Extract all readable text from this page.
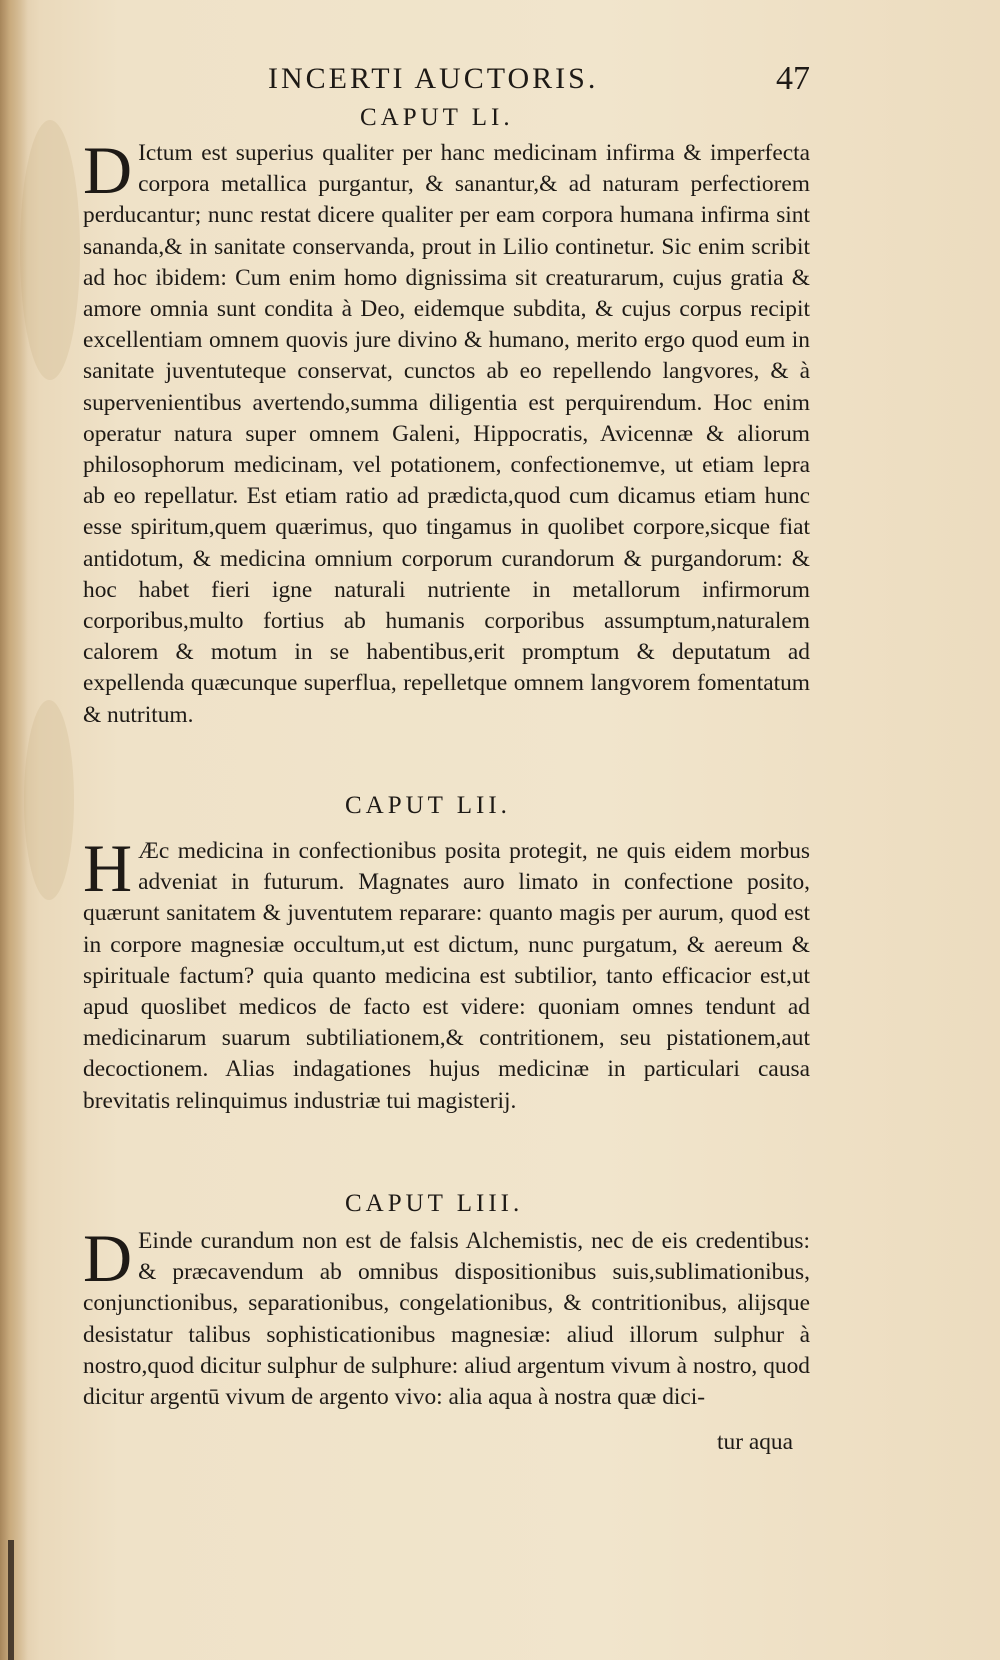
INCERTI AUCTORIS.	47
CAPUT LI.

D Ictum est superius qualiter per hanc medicinam infirma & imperfecta corpora metallica purgantur, & sanantur,& ad naturam perfectiorem perducantur; nunc restat dicere qualiter per eam corpora humana infirma sint sananda,& in sanitate conservanda, prout in Lilio continetur. Sic enim scribit ad hoc ibidem: Cum enim homo dignissima sit creaturarum, cujus gratia & amore omnia sunt condita à Deo, eidemque subdita, & cujus corpus recipit excellentiam omnem quovis jure divino & humano, merito ergo quod eum in sanitate juventuteque conservat, cunctos ab eo repellendo langvores, & à supervenientibus avertendo,summa diligentia est perquirendum. Hoc enim operatur natura super omnem Galeni, Hippocratis, Avicennæ & aliorum philosophorum medicinam, vel potationem, confectionemve, ut etiam lepra ab eo repellatur. Est etiam ratio ad prædicta,quod cum dicamus etiam hunc esse spiritum,quem quærimus, quo tingamus in quolibet corpore,sicque fiat antidotum, & medicina omnium corporum curandorum & purgandorum: & hoc habet fieri igne naturali nutriente in metallorum infirmorum corporibus,multo fortius ab humanis corporibus assumptum,naturalem calorem & motum in se habentibus,erit promptum & deputatum ad expellenda quæcunque superflua, repelletque omnem langvorem fomentatum & nutritum.

CAPUT LII.

H Æc medicina in confectionibus posita protegit, ne quis eidem morbus adveniat in futurum. Magnates auro limato in confectione posito, quærunt sanitatem & juventutem reparare: quanto magis per aurum, quod est in corpore magnesiæ occultum,ut est dictum, nunc purgatum, & aereum & spirituale factum? quia quanto medicina est subtilior, tanto efficacior est,ut apud quoslibet medicos de facto est videre: quoniam omnes tendunt ad medicinarum suarum subtiliationem,& contritionem, seu pistationem,aut decoctionem. Alias indagationes hujus medicinæ in particulari causa brevitatis relinquimus industriæ tui magisterij.

CAPUT LIII.

D Einde curandum non est de falsis Alchemistis, nec de eis credentibus: & præcavendum ab omnibus dispositionibus suis,sublimationibus, conjunctionibus, separationibus, congelationibus, & contritionibus, alijsque desistatur talibus sophisticationibus magnesiæ: aliud illorum sulphur à nostro,quod dicitur sulphur de sulphure: aliud argentum vivum à nostro, quod dicitur argentū vivum de argento vivo: alia aqua à nostra quæ dici-

tur aqua
